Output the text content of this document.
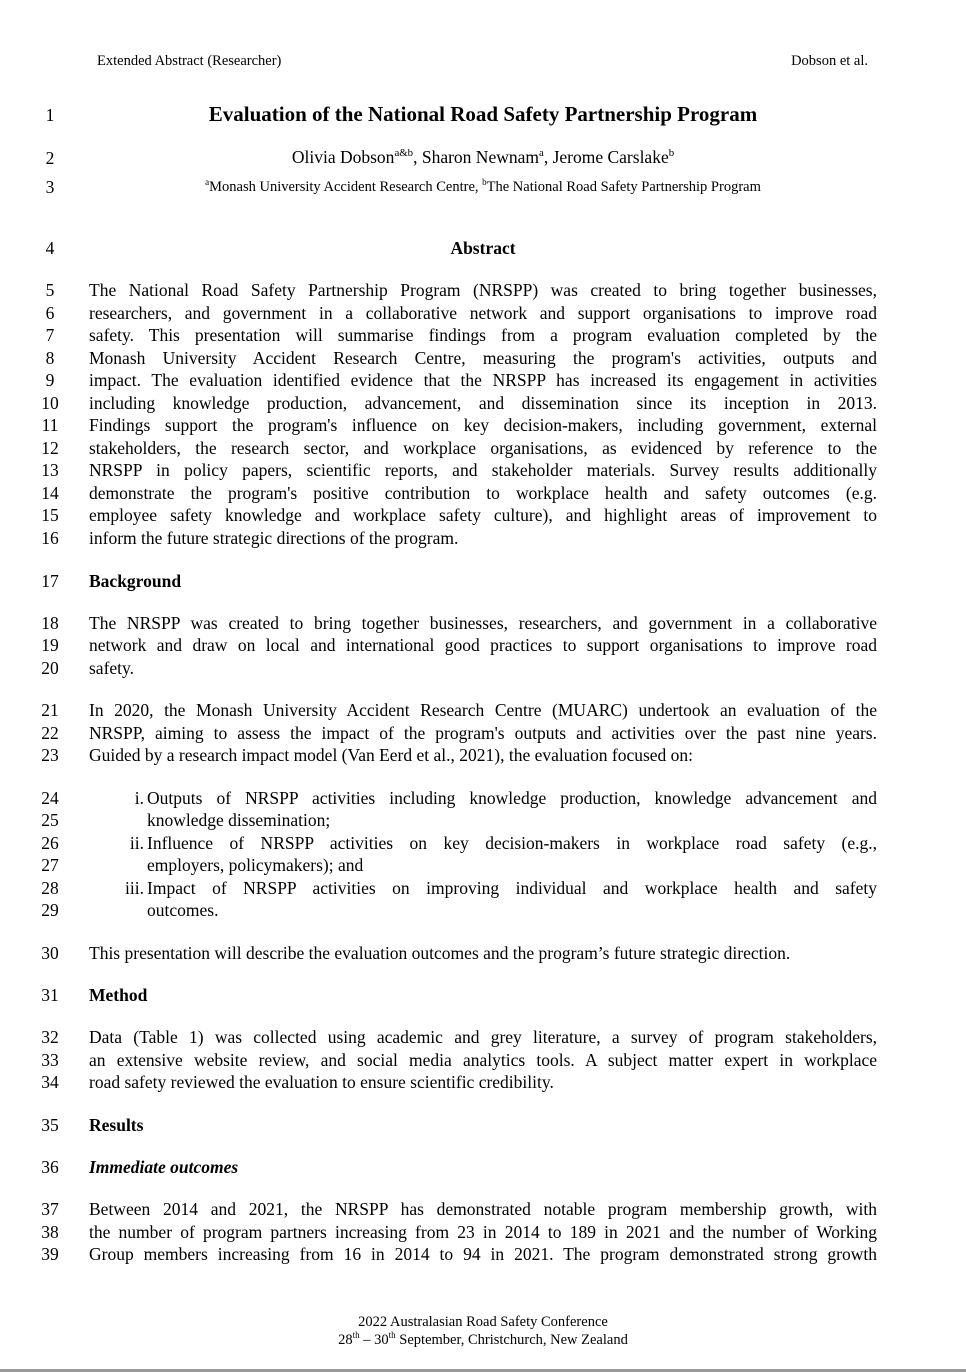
Extended Abstract (Researcher)	Dobson et al.
1
2
3
4
5
6
7
8
9
10
11
12
13
14
15
16
17
18
19
20
21
22
23
24
25
26
27
28
29
30
31
32
33
34
35
36
37
38
39
Evaluation of the National Road Safety Partnership Program
Olivia Dobson$^{a\&b}$, Sharon Newnam$^a$, Jerome Carslake$^b$
$^a$Monash University Accident Research Centre, $^b$The National Road Safety Partnership Program
Abstract
The National Road Safety Partnership Program (NRSPP) was created to bring together businesses,
researchers, and government in a collaborative network and support organisations to improve road
safety. This presentation will summarise findings from a program evaluation completed by the
Monash University Accident Research Centre, measuring the program's activities, outputs and
impact. The evaluation identified evidence that the NRSPP has increased its engagement in activities
including knowledge production, advancement, and dissemination since its inception in 2013.
Findings support the program's influence on key decision-makers, including government, external
stakeholders, the research sector, and workplace organisations, as evidenced by reference to the
NRSPP in policy papers, scientific reports, and stakeholder materials. Survey results additionally
demonstrate the program's positive contribution to workplace health and safety outcomes (e.g.
employee safety knowledge and workplace safety culture), and highlight areas of improvement to
inform the future strategic directions of the program.
Background
The NRSPP was created to bring together businesses, researchers, and government in a collaborative
network and draw on local and international good practices to support organisations to improve road
safety.
In 2020, the Monash University Accident Research Centre (MUARC) undertook an evaluation of the
NRSPP, aiming to assess the impact of the program's outputs and activities over the past nine years.
Guided by a research impact model (Van Eerd et al., 2021), the evaluation focused on:
i. Outputs of NRSPP activities including knowledge production, knowledge advancement and
knowledge dissemination;
ii. Influence of NRSPP activities on key decision-makers in workplace road safety (e.g.,
employers, policymakers); and
iii. Impact of NRSPP activities on improving individual and workplace health and safety
outcomes.
This presentation will describe the evaluation outcomes and the program’s future strategic direction.
Method
Data (Table 1) was collected using academic and grey literature, a survey of program stakeholders,
an extensive website review, and social media analytics tools. A subject matter expert in workplace
road safety reviewed the evaluation to ensure scientific credibility.
Results
Immediate outcomes
Between 2014 and 2021, the NRSPP has demonstrated notable program membership growth, with
the number of program partners increasing from 23 in 2014 to 189 in 2021 and the number of Working
Group members increasing from 16 in 2014 to 94 in 2021. The program demonstrated strong growth
2022 Australasian Road Safety Conference
28th – 30th September, Christchurch, New Zealand
